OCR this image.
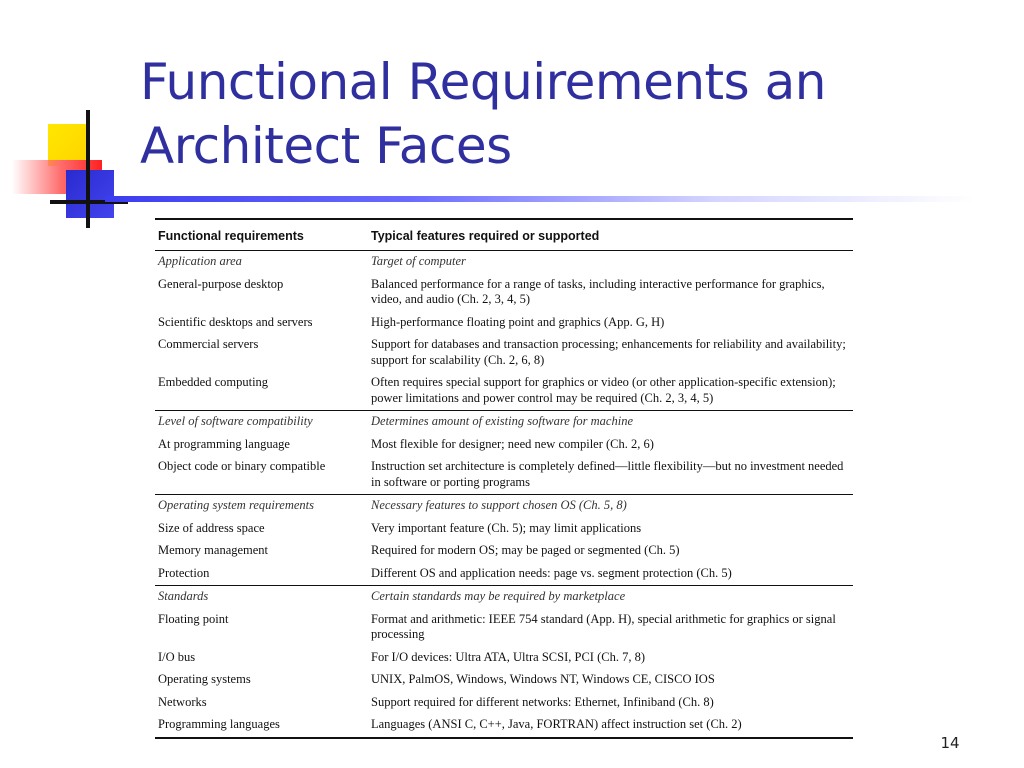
Functional Requirements an
Architect Faces
Functional requirements	Typical features required or supported
Application area	Target of computer
General-purpose desktop	Balanced performance for a range of tasks, including interactive performance for graphics, video, and audio (Ch. 2, 3, 4, 5)
Scientific desktops and servers	High-performance floating point and graphics (App. G, H)
Commercial servers	Support for databases and transaction processing; enhancements for reliability and availability; support for scalability (Ch. 2, 6, 8)
Embedded computing	Often requires special support for graphics or video (or other application-specific extension); power limitations and power control may be required (Ch. 2, 3, 4, 5)
Level of software compatibility	Determines amount of existing software for machine
At programming language	Most flexible for designer; need new compiler (Ch. 2, 6)
Object code or binary compatible	Instruction set architecture is completely defined—little flexibility—but no investment needed in software or porting programs
Operating system requirements	Necessary features to support chosen OS (Ch. 5, 8)
Size of address space	Very important feature (Ch. 5); may limit applications
Memory management	Required for modern OS; may be paged or segmented (Ch. 5)
Protection	Different OS and application needs: page vs. segment protection (Ch. 5)
Standards	Certain standards may be required by marketplace
Floating point	Format and arithmetic: IEEE 754 standard (App. H), special arithmetic for graphics or signal processing
I/O bus	For I/O devices: Ultra ATA, Ultra SCSI, PCI (Ch. 7, 8)
Operating systems	UNIX, PalmOS, Windows, Windows NT, Windows CE, CISCO IOS
Networks	Support required for different networks: Ethernet, Infiniband (Ch. 8)
Programming languages	Languages (ANSI C, C++, Java, FORTRAN) affect instruction set (Ch. 2)
14
